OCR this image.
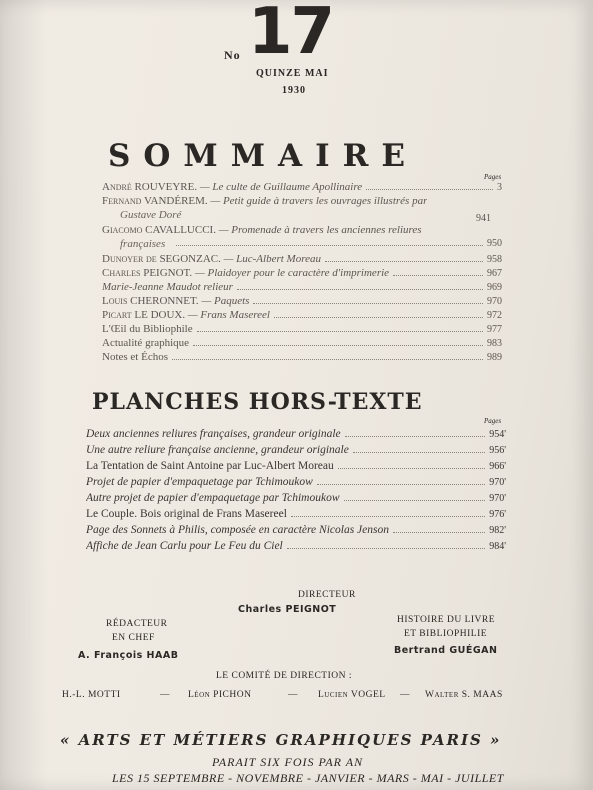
No 17
QUINZE MAI
1930
SOMMAIRE
Pages
André ROUVEYRE. — Le culte de Guillaume Apollinaire	3
Fernand VANDÉREM. — Petit guide à travers les ouvrages illustrés par
Gustave Doré	941
Giacomo CAVALLUCCI. — Promenade à travers les anciennes reliures
françaises	950
Dunoyer de SEGONZAC. — Luc-Albert Moreau	958
Charles PEIGNOT. — Plaidoyer pour le caractère d'imprimerie	967
Marie-Jeanne Maudot relieur	969
Louis CHERONNET. — Paquets	970
Picart LE DOUX. — Frans Masereel	972
L'Œil du Bibliophile	977
Actualité graphique	983
Notes et Échos	989
PLANCHES HORS-TEXTE
Pages
Deux anciennes reliures françaises, grandeur originale	954'
Une autre reliure française ancienne, grandeur originale	956'
La Tentation de Saint Antoine par Luc-Albert Moreau	966'
Projet de papier d'empaquetage par Tchimoukow	970'
Autre projet de papier d'empaquetage par Tchimoukow	970'
Le Couple. Bois original de Frans Masereel	976'
Page des Sonnets à Philis, composée en caractère Nicolas Jenson	982'
Affiche de Jean Carlu pour Le Feu du Ciel	984'
DIRECTEUR
Charles PEIGNOT
RÉDACTEUR
EN CHEF
A. François HAAB
HISTOIRE DU LIVRE
ET BIBLIOPHILIE
Bertrand GUÉGAN
LE COMITÉ DE DIRECTION :
H.-L. MOTTI	— Léon PICHON	— Lucien VOGEL — Walter S. MAAS
« ARTS ET MÉTIERS GRAPHIQUES PARIS »
PARAIT SIX FOIS PAR AN
LES 15 SEPTEMBRE - NOVEMBRE - JANVIER - MARS - MAI - JUILLET
